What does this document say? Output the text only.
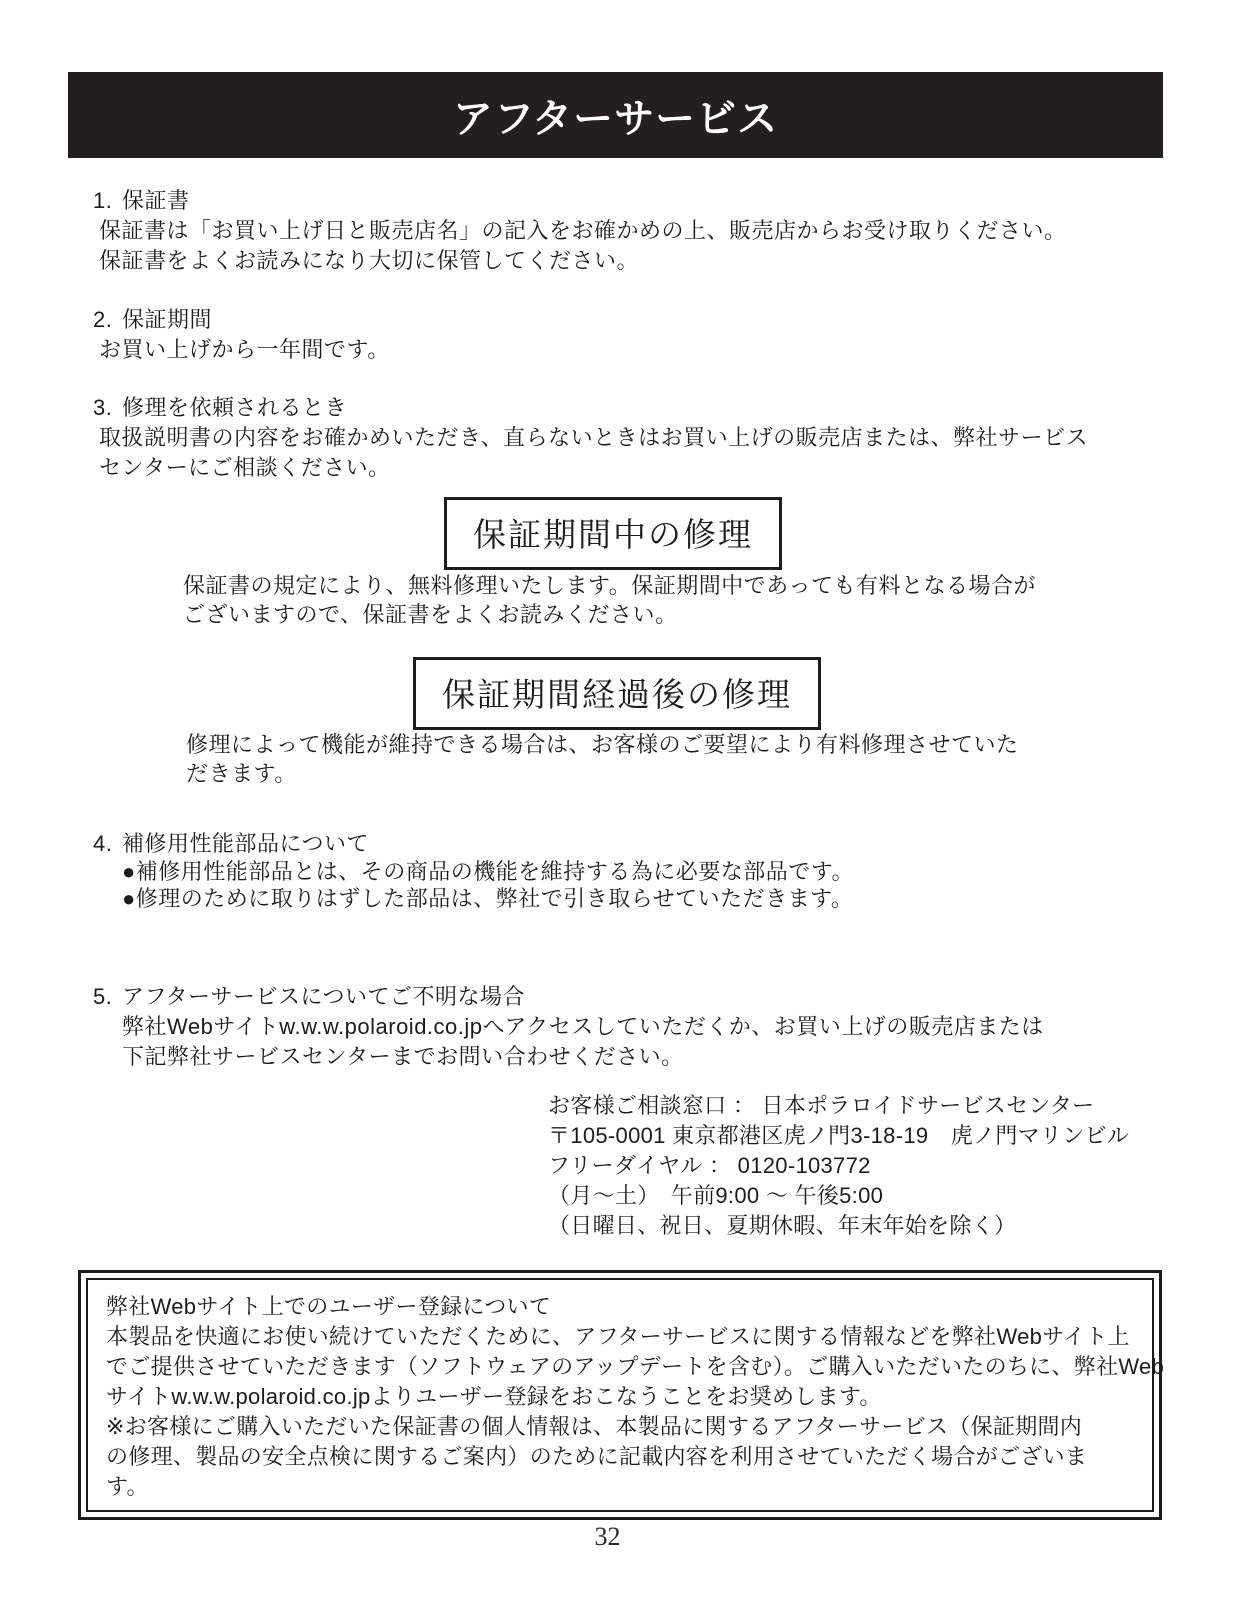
アフターサービス
1. 保証書
保証書は「お買い上げ日と販売店名」の記入をお確かめの上、販売店からお受け取りください。
保証書をよくお読みになり大切に保管してください。
2. 保証期間
お買い上げから一年間です。
3. 修理を依頼されるとき
取扱説明書の内容をお確かめいただき、直らないときはお買い上げの販売店または、弊社サービス
センターにご相談ください。
保証期間中の修理
保証書の規定により、無料修理いたします。保証期間中であっても有料となる場合が
ございますので、保証書をよくお読みください。
保証期間経過後の修理
修理によって機能が維持できる場合は、お客様のご要望により有料修理させていた
だきます。
4. 補修用性能部品について
●補修用性能部品とは、その商品の機能を維持する為に必要な部品です。
●修理のために取りはずした部品は、弊社で引き取らせていただきます。
5. アフターサービスについてご不明な場合
弊社Webサイトw.w.w.polaroid.co.jpへアクセスしていただくか、お買い上げの販売店または
下記弊社サービスセンターまでお問い合わせください。
お客様ご相談窓口 ： 日本ポラロイドサービスセンター
〒105-0001 東京都港区虎ノ門3-18-19　虎ノ門マリンビル
フリーダイヤル ： 0120-103772
（月～土）　午前9:00 ～ 午後5:00
（日曜日、祝日、夏期休暇、年末年始を除く）
弊社Webサイト上でのユーザー登録について
本製品を快適にお使い続けていただくために、アフターサービスに関する情報などを弊社Webサイト上
でご提供させていただきます（ソフトウェアのアップデートを含む）。ご購入いただいたのちに、弊社Web
サイトw.w.w.polaroid.co.jpよりユーザー登録をおこなうことをお奨めします。
※お客様にご購入いただいた保証書の個人情報は、本製品に関するアフターサービス（保証期間内
の修理、製品の安全点検に関するご案内）のために記載内容を利用させていただく場合がございま
す。
32
